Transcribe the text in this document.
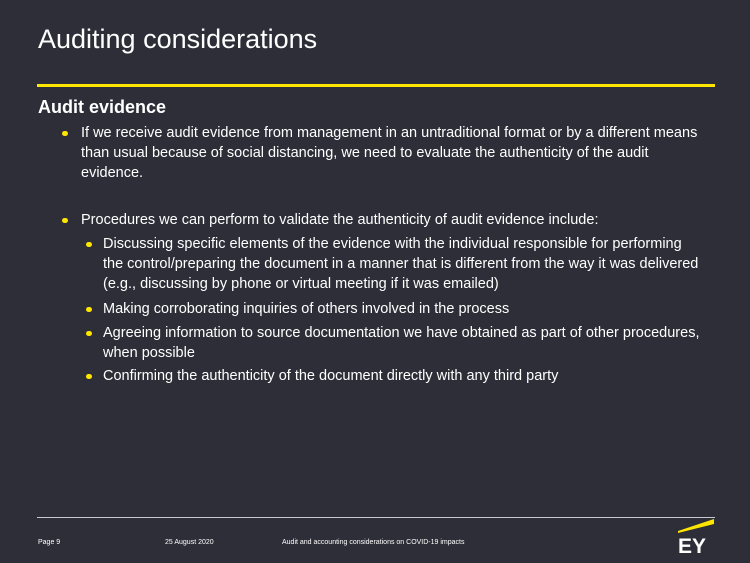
Auditing considerations
Audit evidence
If we receive audit evidence from management in an untraditional format or by a different means than usual because of social distancing, we need to evaluate the authenticity of the audit evidence.
Procedures we can perform to validate the authenticity of audit evidence include:
Discussing specific elements of the evidence with the individual responsible for performing the control/preparing the document in a manner that is different from the way it was delivered (e.g., discussing by phone or virtual meeting if it was emailed)
Making corroborating inquiries of others involved in the process
Agreeing information to source documentation we have obtained as part of other procedures, when possible
Confirming the authenticity of the document directly with any third party
Page 9	25 August 2020	Audit and accounting considerations on COVID-19 impacts	EY
